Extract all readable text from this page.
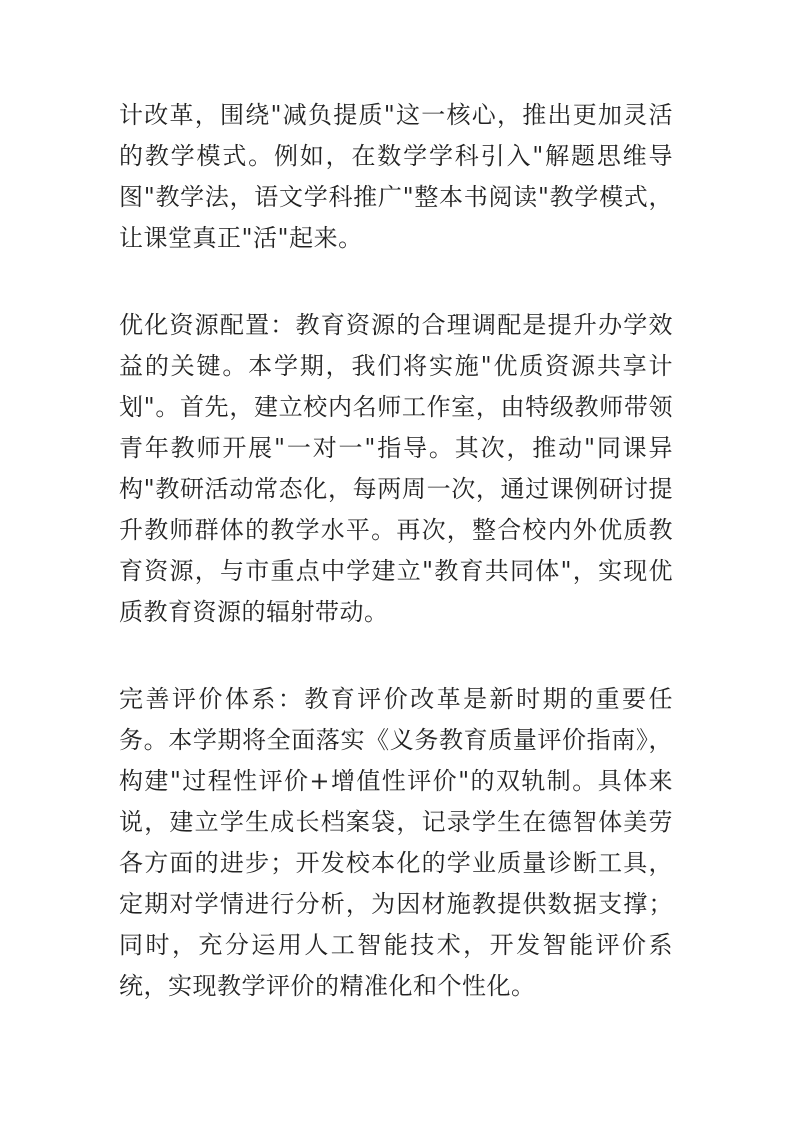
计改革，围绕"减负提质"这一核心，推出更加灵活的教学模式。例如，在数学学科引入"解题思维导图"教学法，语文学科推广"整本书阅读"教学模式，让课堂真正"活"起来。

优化资源配置：教育资源的合理调配是提升办学效益的关键。本学期，我们将实施"优质资源共享计划"。首先，建立校内名师工作室，由特级教师带领青年教师开展"一对一"指导。其次，推动"同课异构"教研活动常态化，每两周一次，通过课例研讨提升教师群体的教学水平。再次，整合校内外优质教育资源，与市重点中学建立"教育共同体"，实现优质教育资源的辐射带动。

完善评价体系：教育评价改革是新时期的重要任务。本学期将全面落实《义务教育质量评价指南》，构建"过程性评价+增值性评价"的双轨制。具体来说，建立学生成长档案袋，记录学生在德智体美劳各方面的进步；开发校本化的学业质量诊断工具，定期对学情进行分析，为因材施教提供数据支撑；同时，充分运用人工智能技术，开发智能评价系统，实现教学评价的精准化和个性化。
